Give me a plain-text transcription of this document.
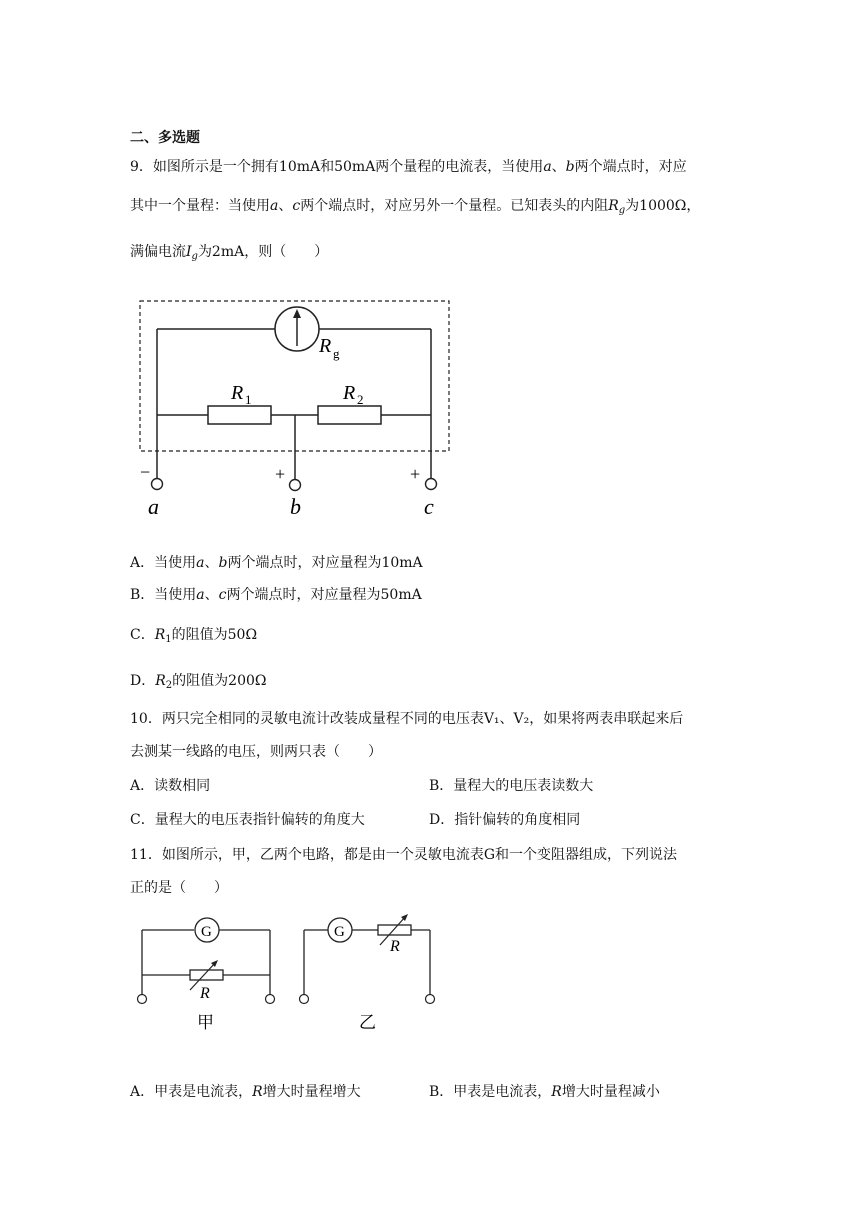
二、多选题
9．如图所示是一个拥有10mA和50mA两个量程的电流表，当使用a、b两个端点时，对应
其中一个量程：当使用a、c两个端点时，对应另外一个量程。已知表头的内阻$R_g$为1000Ω，
满偏电流$I_g$为2mA，则（　　）
R g
R 1	R 2
−	+	+
a	b	c
G
R
甲
G
R
乙
A．当使用a、b两个端点时，对应量程为10mA
B．当使用a、c两个端点时，对应量程为50mA
C．$R_1$的阻值为50Ω
D．$R_2$的阻值为200Ω
10．两只完全相同的灵敏电流计改装成量程不同的电压表V₁、V₂，如果将两表串联起来后
去测某一线路的电压，则两只表（　　）
A．读数相同	B．量程大的电压表读数大
C．量程大的电压表指针偏转的角度大	D．指针偏转的角度相同
11．如图所示，甲，乙两个电路，都是由一个灵敏电流表G和一个变阻器组成，下列说法
正的是（　　）
A．甲表是电流表，R增大时量程增大	B．甲表是电流表，R增大时量程减小
